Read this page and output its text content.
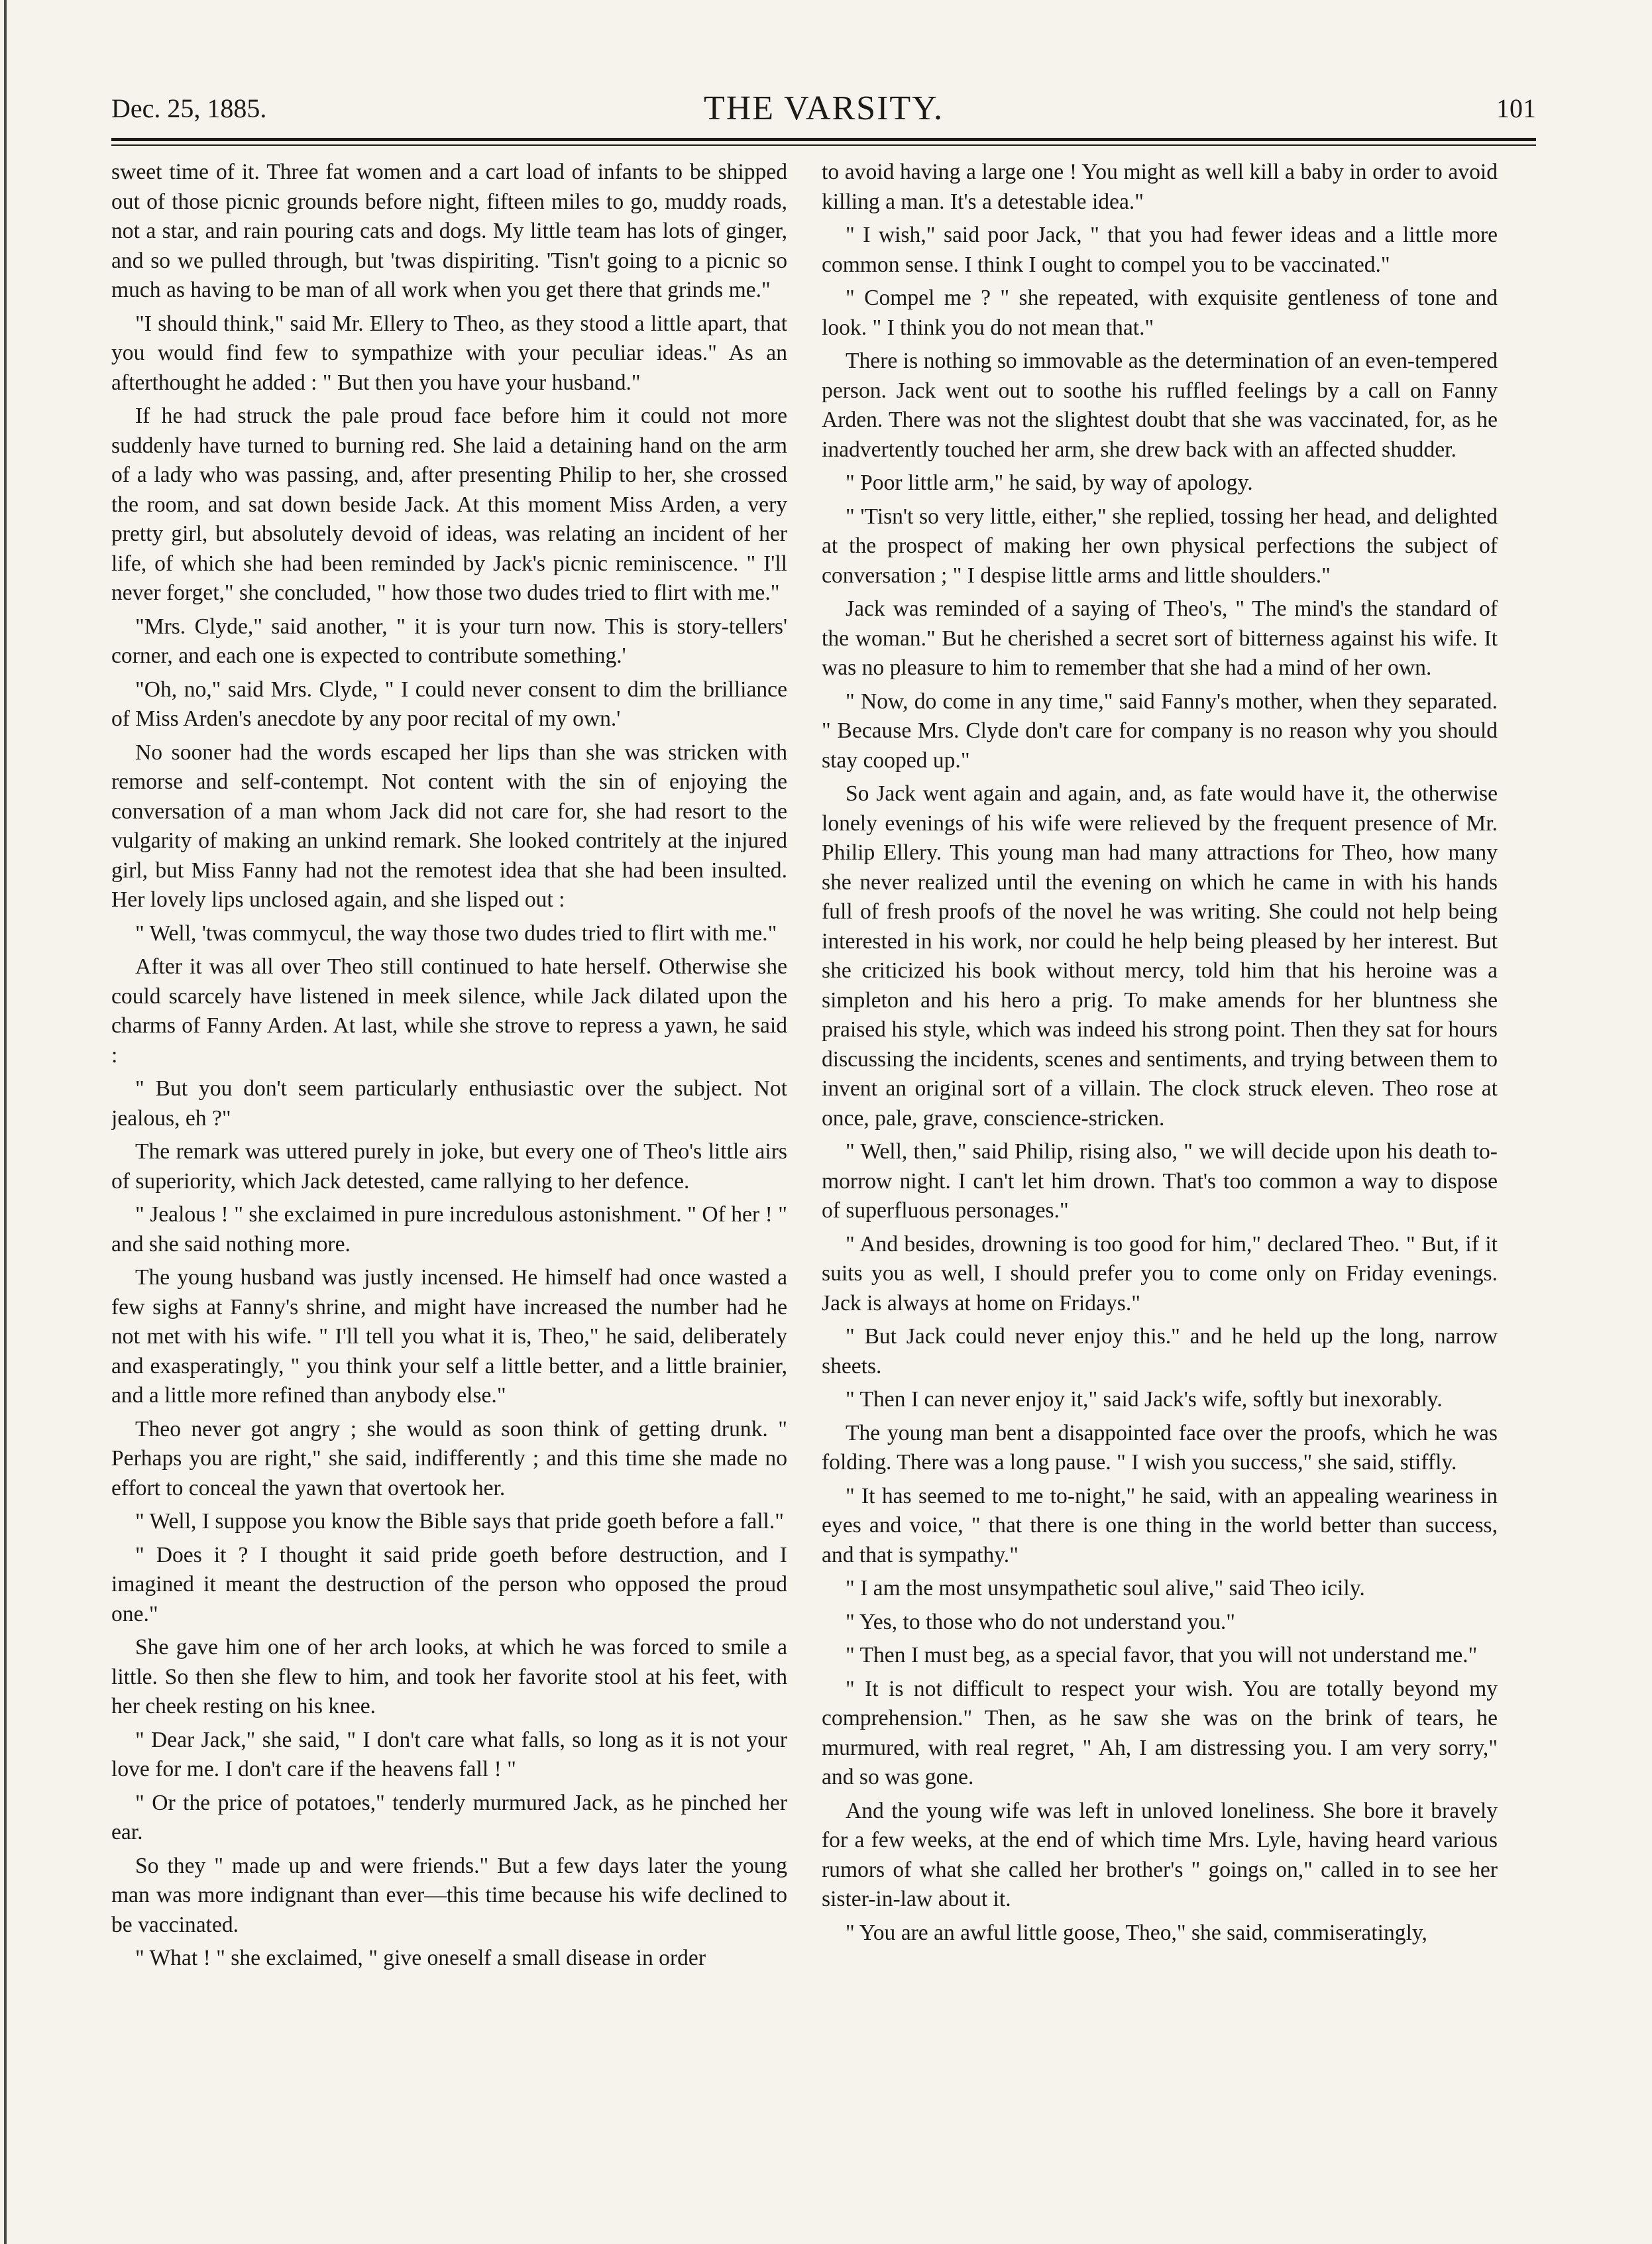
Dec. 25, 1885.	THE VARSITY.	101

sweet time of it. Three fat women and a cart load of infants to be shipped out of those picnic grounds before night, fifteen miles to go, muddy roads, not a star, and rain pouring cats and dogs. My little team has lots of ginger, and so we pulled through, but 'twas dispiriting. 'Tisn't going to a picnic so much as having to be man of all work when you get there that grinds me."

"I should think," said Mr. Ellery to Theo, as they stood a little apart, that you would find few to sympathize with your peculiar ideas." As an afterthought he added : " But then you have your husband."

If he had struck the pale proud face before him it could not more suddenly have turned to burning red. She laid a detaining hand on the arm of a lady who was passing, and, after presenting Philip to her, she crossed the room, and sat down beside Jack. At this moment Miss Arden, a very pretty girl, but absolutely devoid of ideas, was relating an incident of her life, of which she had been reminded by Jack's picnic reminiscence. " I'll never forget," she concluded, " how those two dudes tried to flirt with me."

"Mrs. Clyde," said another, " it is your turn now. This is story-tellers' corner, and each one is expected to contribute something.'

"Oh, no," said Mrs. Clyde, " I could never consent to dim the brilliance of Miss Arden's anecdote by any poor recital of my own.'

No sooner had the words escaped her lips than she was stricken with remorse and self-contempt. Not content with the sin of enjoying the conversation of a man whom Jack did not care for, she had resort to the vulgarity of making an unkind remark. She looked contritely at the injured girl, but Miss Fanny had not the remotest idea that she had been insulted. Her lovely lips unclosed again, and she lisped out :

" Well, 'twas commycul, the way those two dudes tried to flirt with me."

After it was all over Theo still continued to hate herself. Otherwise she could scarcely have listened in meek silence, while Jack dilated upon the charms of Fanny Arden. At last, while she strove to repress a yawn, he said :

" But you don't seem particularly enthusiastic over the subject. Not jealous, eh ?"

The remark was uttered purely in joke, but every one of Theo's little airs of superiority, which Jack detested, came rallying to her defence.

" Jealous ! " she exclaimed in pure incredulous astonishment. " Of her ! " and she said nothing more.

The young husband was justly incensed. He himself had once wasted a few sighs at Fanny's shrine, and might have increased the number had he not met with his wife. " I'll tell you what it is, Theo," he said, deliberately and exasperatingly, " you think your self a little better, and a little brainier, and a little more refined than anybody else."

Theo never got angry ; she would as soon think of getting drunk. " Perhaps you are right," she said, indifferently ; and this time she made no effort to conceal the yawn that overtook her.

" Well, I suppose you know the Bible says that pride goeth before a fall."

" Does it ? I thought it said pride goeth before destruction, and I imagined it meant the destruction of the person who opposed the proud one."

She gave him one of her arch looks, at which he was forced to smile a little. So then she flew to him, and took her favorite stool at his feet, with her cheek resting on his knee.

" Dear Jack," she said, " I don't care what falls, so long as it is not your love for me. I don't care if the heavens fall ! "

" Or the price of potatoes," tenderly murmured Jack, as he pinched her ear.

So they " made up and were friends." But a few days later the young man was more indignant than ever—this time because his wife declined to be vaccinated.

" What ! " she exclaimed, " give oneself a small disease in order

to avoid having a large one ! You might as well kill a baby in order to avoid killing a man. It's a detestable idea."

" I wish," said poor Jack, " that you had fewer ideas and a little more common sense. I think I ought to compel you to be vaccinated."

" Compel me ? " she repeated, with exquisite gentleness of tone and look. " I think you do not mean that."

There is nothing so immovable as the determination of an even-tempered person. Jack went out to soothe his ruffled feelings by a call on Fanny Arden. There was not the slightest doubt that she was vaccinated, for, as he inadvertently touched her arm, she drew back with an affected shudder.

" Poor little arm," he said, by way of apology.

" 'Tisn't so very little, either," she replied, tossing her head, and delighted at the prospect of making her own physical perfections the subject of conversation ; " I despise little arms and little shoulders."

Jack was reminded of a saying of Theo's, " The mind's the standard of the woman." But he cherished a secret sort of bitterness against his wife. It was no pleasure to him to remember that she had a mind of her own.

" Now, do come in any time," said Fanny's mother, when they separated. " Because Mrs. Clyde don't care for company is no reason why you should stay cooped up."

So Jack went again and again, and, as fate would have it, the otherwise lonely evenings of his wife were relieved by the frequent presence of Mr. Philip Ellery. This young man had many attractions for Theo, how many she never realized until the evening on which he came in with his hands full of fresh proofs of the novel he was writing. She could not help being interested in his work, nor could he help being pleased by her interest. But she criticized his book without mercy, told him that his heroine was a simpleton and his hero a prig. To make amends for her bluntness she praised his style, which was indeed his strong point. Then they sat for hours discussing the incidents, scenes and sentiments, and trying between them to invent an original sort of a villain. The clock struck eleven. Theo rose at once, pale, grave, conscience-stricken.

" Well, then," said Philip, rising also, " we will decide upon his death to-morrow night. I can't let him drown. That's too common a way to dispose of superfluous personages."

" And besides, drowning is too good for him," declared Theo. " But, if it suits you as well, I should prefer you to come only on Friday evenings. Jack is always at home on Fridays."

" But Jack could never enjoy this." and he held up the long, narrow sheets.

" Then I can never enjoy it," said Jack's wife, softly but inexorably.

The young man bent a disappointed face over the proofs, which he was folding. There was a long pause. " I wish you success," she said, stiffly.

" It has seemed to me to-night," he said, with an appealing weariness in eyes and voice, " that there is one thing in the world better than success, and that is sympathy."

" I am the most unsympathetic soul alive," said Theo icily.

" Yes, to those who do not understand you."

" Then I must beg, as a special favor, that you will not understand me."

" It is not difficult to respect your wish. You are totally beyond my comprehension." Then, as he saw she was on the brink of tears, he murmured, with real regret, " Ah, I am distressing you. I am very sorry," and so was gone.

And the young wife was left in unloved loneliness. She bore it bravely for a few weeks, at the end of which time Mrs. Lyle, having heard various rumors of what she called her brother's " goings on," called in to see her sister-in-law about it.

" You are an awful little goose, Theo," she said, commiseratingly,
